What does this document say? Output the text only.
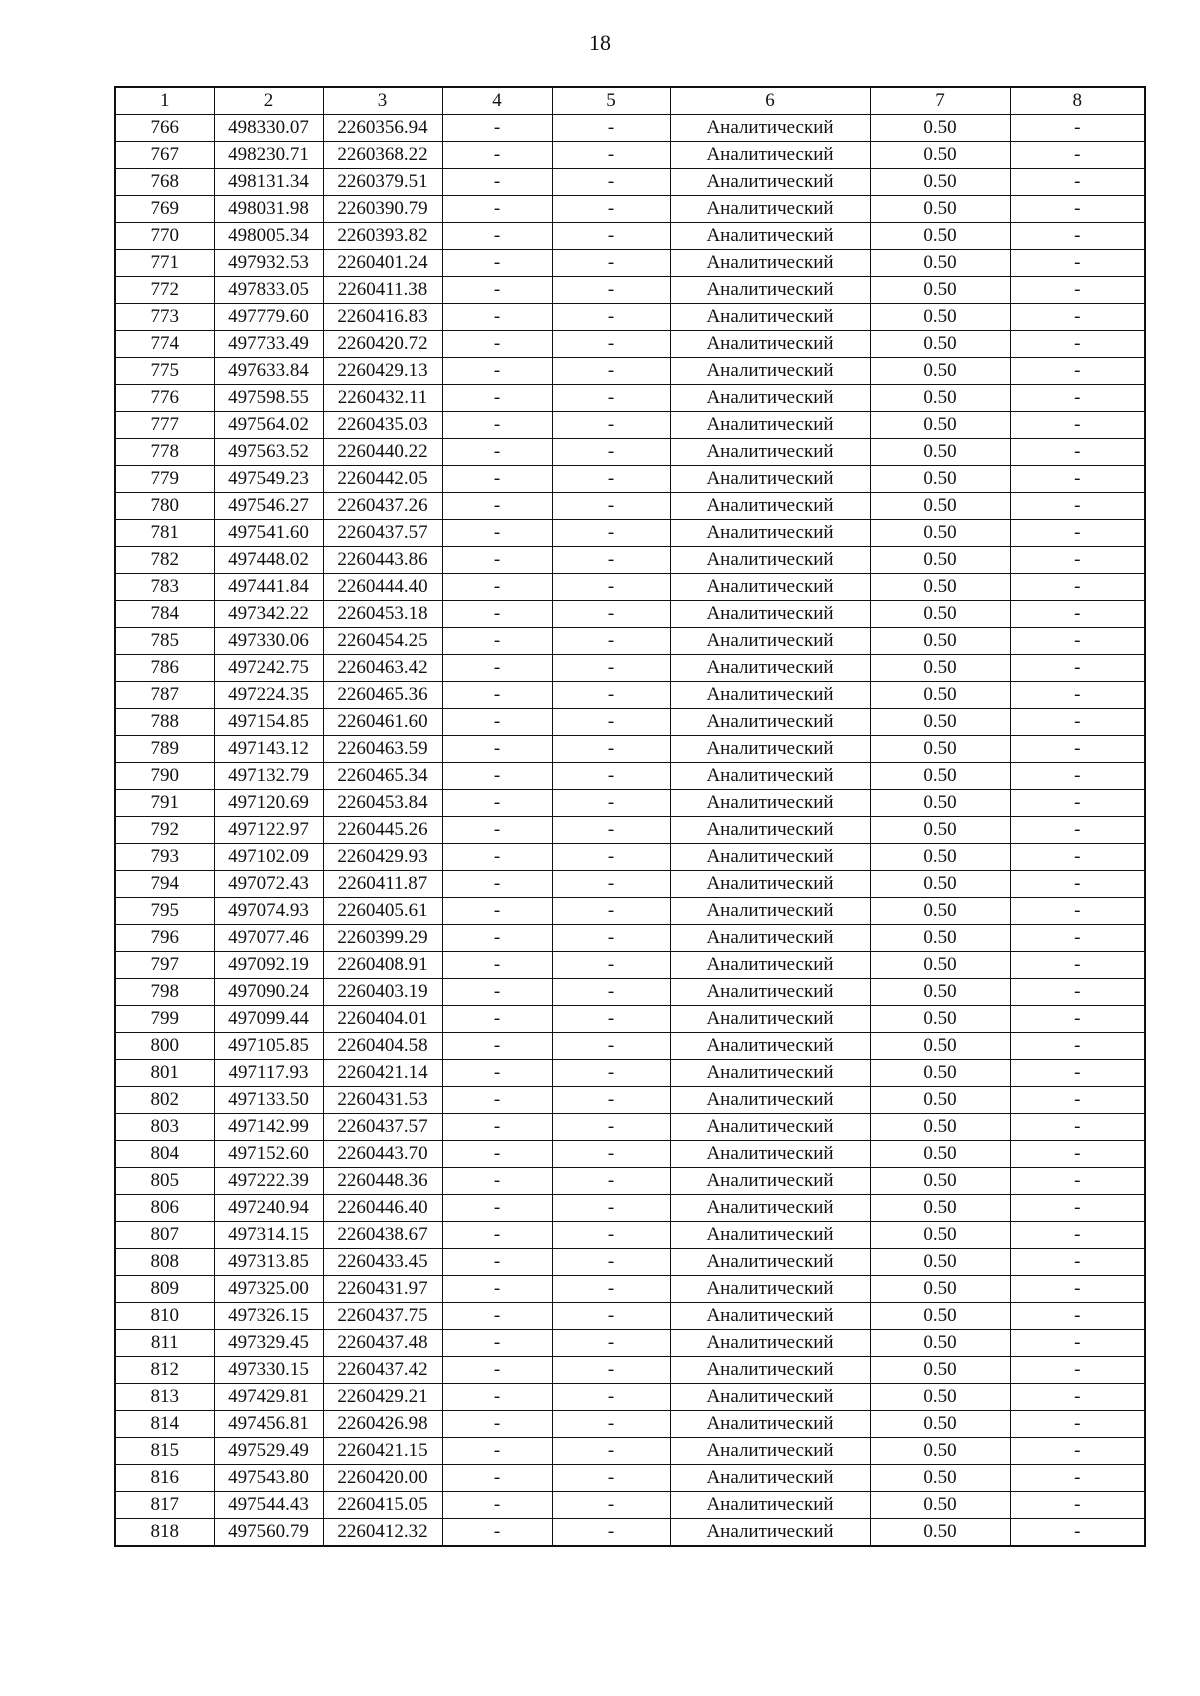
18
1	2	3	4	5	6	7	8
766	498330.07	2260356.94	-	-	Аналитический	0.50	-
767	498230.71	2260368.22	-	-	Аналитический	0.50	-
768	498131.34	2260379.51	-	-	Аналитический	0.50	-
769	498031.98	2260390.79	-	-	Аналитический	0.50	-
770	498005.34	2260393.82	-	-	Аналитический	0.50	-
771	497932.53	2260401.24	-	-	Аналитический	0.50	-
772	497833.05	2260411.38	-	-	Аналитический	0.50	-
773	497779.60	2260416.83	-	-	Аналитический	0.50	-
774	497733.49	2260420.72	-	-	Аналитический	0.50	-
775	497633.84	2260429.13	-	-	Аналитический	0.50	-
776	497598.55	2260432.11	-	-	Аналитический	0.50	-
777	497564.02	2260435.03	-	-	Аналитический	0.50	-
778	497563.52	2260440.22	-	-	Аналитический	0.50	-
779	497549.23	2260442.05	-	-	Аналитический	0.50	-
780	497546.27	2260437.26	-	-	Аналитический	0.50	-
781	497541.60	2260437.57	-	-	Аналитический	0.50	-
782	497448.02	2260443.86	-	-	Аналитический	0.50	-
783	497441.84	2260444.40	-	-	Аналитический	0.50	-
784	497342.22	2260453.18	-	-	Аналитический	0.50	-
785	497330.06	2260454.25	-	-	Аналитический	0.50	-
786	497242.75	2260463.42	-	-	Аналитический	0.50	-
787	497224.35	2260465.36	-	-	Аналитический	0.50	-
788	497154.85	2260461.60	-	-	Аналитический	0.50	-
789	497143.12	2260463.59	-	-	Аналитический	0.50	-
790	497132.79	2260465.34	-	-	Аналитический	0.50	-
791	497120.69	2260453.84	-	-	Аналитический	0.50	-
792	497122.97	2260445.26	-	-	Аналитический	0.50	-
793	497102.09	2260429.93	-	-	Аналитический	0.50	-
794	497072.43	2260411.87	-	-	Аналитический	0.50	-
795	497074.93	2260405.61	-	-	Аналитический	0.50	-
796	497077.46	2260399.29	-	-	Аналитический	0.50	-
797	497092.19	2260408.91	-	-	Аналитический	0.50	-
798	497090.24	2260403.19	-	-	Аналитический	0.50	-
799	497099.44	2260404.01	-	-	Аналитический	0.50	-
800	497105.85	2260404.58	-	-	Аналитический	0.50	-
801	497117.93	2260421.14	-	-	Аналитический	0.50	-
802	497133.50	2260431.53	-	-	Аналитический	0.50	-
803	497142.99	2260437.57	-	-	Аналитический	0.50	-
804	497152.60	2260443.70	-	-	Аналитический	0.50	-
805	497222.39	2260448.36	-	-	Аналитический	0.50	-
806	497240.94	2260446.40	-	-	Аналитический	0.50	-
807	497314.15	2260438.67	-	-	Аналитический	0.50	-
808	497313.85	2260433.45	-	-	Аналитический	0.50	-
809	497325.00	2260431.97	-	-	Аналитический	0.50	-
810	497326.15	2260437.75	-	-	Аналитический	0.50	-
811	497329.45	2260437.48	-	-	Аналитический	0.50	-
812	497330.15	2260437.42	-	-	Аналитический	0.50	-
813	497429.81	2260429.21	-	-	Аналитический	0.50	-
814	497456.81	2260426.98	-	-	Аналитический	0.50	-
815	497529.49	2260421.15	-	-	Аналитический	0.50	-
816	497543.80	2260420.00	-	-	Аналитический	0.50	-
817	497544.43	2260415.05	-	-	Аналитический	0.50	-
818	497560.79	2260412.32	-	-	Аналитический	0.50	-
